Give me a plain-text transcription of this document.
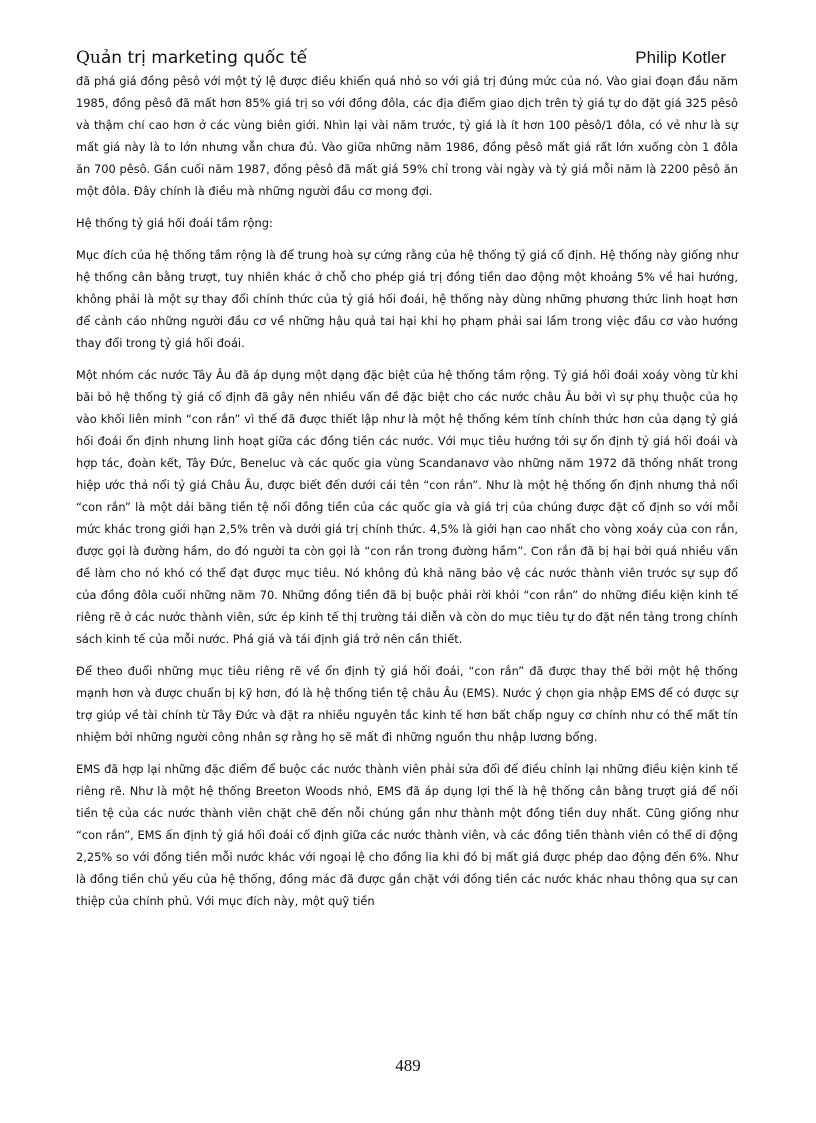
Quản trị marketing quốc tế	Philip Kotler

đã phá giá đồng pêsô với một tỷ lệ được điều khiển quá nhỏ so với giá trị đúng mức của nó. Vào giai đoạn đầu năm 1985, đồng pêsô đã mất hơn 85% giá trị so với đồng đôla, các địa điểm giao dịch trên tỷ giá tự do đặt giá 325 pêsô và thậm chí cao hơn ở các vùng biên giới. Nhìn lại vài năm trước, tỷ giá là ít hơn 100 pêsô/1 đôla, có vẻ như là sự mất giá này là to lớn nhưng vẫn chưa đủ. Vào giữa những năm 1986, đồng pêsô mất giá rất lớn xuống còn 1 đôla ăn 700 pêsô. Gần cuối năm 1987, đồng pêsô đã mất giá 59% chỉ trong vài ngày và tỷ giá mỗi năm là 2200 pêsô ăn một đôla. Đây chính là điều mà những người đầu cơ mong đợi.

Hệ thống tỷ giá hối đoái tầm rộng:

Mục đích của hệ thống tầm rộng là để trung hoà sự cứng rằng của hệ thống tỷ giá cố định. Hệ thống này giống như hệ thống cân bằng trượt, tuy nhiên khác ở chỗ cho phép giá trị đồng tiền dao động một khoảng 5% về hai hướng, không phải là một sự thay đổi chính thức của tỷ giá hối đoái, hệ thống này dùng những phương thức linh hoạt hơn để cảnh cáo những người đầu cơ về những hậu quả tai hại khi họ phạm phải sai lầm trong việc đầu cơ vào hướng thay đổi trong tỷ giá hối đoái.

Một nhóm các nước Tây Âu đã áp dụng một dạng đặc biệt của hệ thống tầm rộng. Tỷ giá hối đoái xoáy vòng từ khi bãi bỏ hệ thống tỷ giá cố định đã gây nên nhiều vấn đề đặc biệt cho các nước châu Âu bởi vì sự phụ thuộc của họ vào khối liên minh “con rắn” vì thế đã được thiết lập như là một hệ thống kém tính chính thức hơn của dạng tỷ giá hối đoái ổn định nhưng linh hoạt giữa các đồng tiền các nước. Với mục tiêu hướng tới sự ổn định tỷ giá hối đoái và hợp tác, đoàn kết, Tây Đức, Beneluc và các quốc gia vùng Scandanavơ vào những năm 1972 đã thống nhất trong hiệp ước thả nổi tỷ giá Châu Âu, được biết đến dưới cái tên “con rắn”. Như là một hệ thống ổn định nhưng thả nổi “con rắn” là một dải băng tiền tệ nối đồng tiền của các quốc gia và giá trị của chúng được đặt cố định so với mỗi mức khác trong giới hạn 2,5% trên và dưới giá trị chính thức. 4,5% là giới hạn cao nhất cho vòng xoáy của con rắn, được gọi là đường hầm, do đó người ta còn gọi là “con rắn trong đường hầm”. Con rắn đã bị hại bởi quá nhiều vấn đề làm cho nó khó có thể đạt được mục tiêu. Nó không đủ khả năng bảo vệ các nước thành viên trước sự sụp đổ của đồng đôla cuối những năm 70. Những đồng tiền đã bị buộc phải rời khỏi “con rắn” do những điều kiện kinh tế riêng rẽ ở các nước thành viên, sức ép kinh tế thị trường tái diễn và còn do mục tiêu tự do đặt nền tảng trong chính sách kinh tế của mỗi nước. Phá giá và tái định giá trở nên cần thiết.

Để theo đuổi những mục tiêu riêng rẽ về ổn định tỷ giá hối đoái, “con rắn” đã được thay thế bởi một hệ thống mạnh hơn và được chuẩn bị kỹ hơn, đó là hệ thống tiền tệ châu Âu (EMS). Nước ý chọn gia nhập EMS để có được sự trợ giúp về tài chính từ Tây Đức và đặt ra nhiều nguyên tắc kinh tế hơn bất chấp nguy cơ chính như có thể mất tín nhiệm bởi những người công nhân sợ rằng họ sẽ mất đi những nguồn thu nhập lương bổng.

EMS đã hợp lại những đặc điểm để buộc các nước thành viên phải sửa đổi để điều chỉnh lại những điều kiện kinh tế riêng rẽ. Như là một hệ thống Breeton Woods nhỏ, EMS đã áp dụng lợi thế là hệ thống cân bằng trượt giá để nối tiền tệ của các nước thành viên chặt chẽ đến nỗi chúng gần như thành một đồng tiền duy nhất. Cũng giống như “con rắn”, EMS ấn định tỷ giá hối đoái cố định giữa các nước thành viên, và các đồng tiền thành viên có thể di động 2,25% so với đồng tiền mỗi nước khác với ngoại lệ cho đồng lia khi đó bị mất giá được phép dao động đến 6%. Như là đồng tiền chủ yếu của hệ thống, đồng mác đã được gắn chặt với đồng tiền các nước khác nhau thông qua sự can thiệp của chính phủ. Với mục đích này, một quỹ tiền

489
